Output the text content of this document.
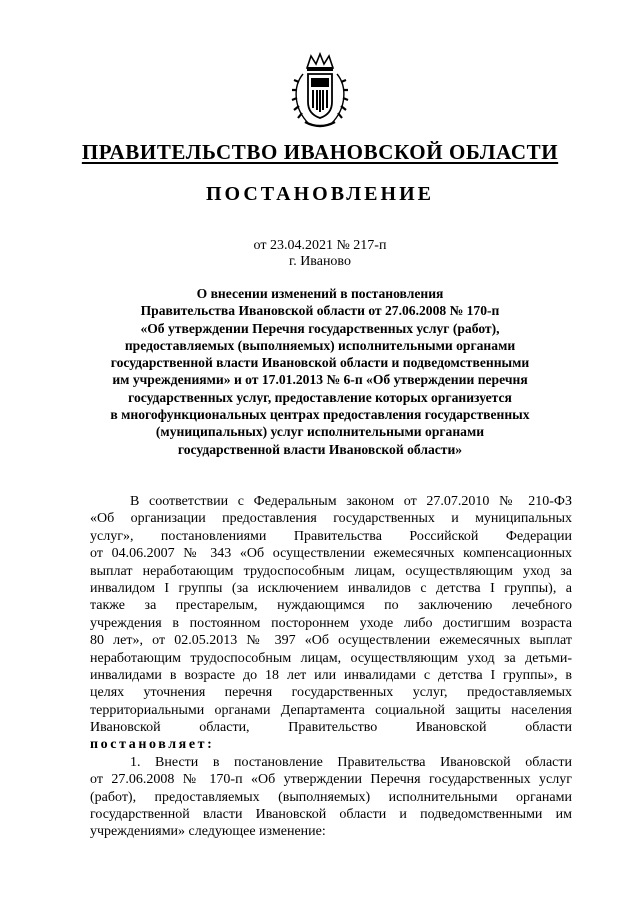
ПРАВИТЕЛЬСТВО ИВАНОВСКОЙ ОБЛАСТИ
ПОСТАНОВЛЕНИЕ
от 23.04.2021 № 217-п
г. Иваново
О внесении изменений в постановления
Правительства Ивановской области от 27.06.2008 № 170-п
«Об утверждении Перечня государственных услуг (работ),
предоставляемых (выполняемых) исполнительными органами
государственной власти Ивановской области и подведомственными
им учреждениями» и от 17.01.2013 № 6-п «Об утверждении перечня
государственных услуг, предоставление которых организуется
в многофункциональных центрах предоставления государственных
(муниципальных) услуг исполнительными органами
государственной власти Ивановской области»
В соответствии с Федеральным законом от 27.07.2010 № 210-ФЗ
«Об организации предоставления государственных и муниципальных
услуг», постановлениями Правительства Российской Федерации
от 04.06.2007 № 343 «Об осуществлении ежемесячных компенсационных
выплат неработающим трудоспособным лицам, осуществляющим уход за
инвалидом I группы (за исключением инвалидов с детства I группы), а
также за престарелым, нуждающимся по заключению лечебного
учреждения в постоянном постороннем уходе либо достигшим возраста
80 лет», от 02.05.2013 № 397 «Об осуществлении ежемесячных выплат
неработающим трудоспособным лицам, осуществляющим уход за детьми-
инвалидами в возрасте до 18 лет или инвалидами с детства I группы», в
целях уточнения перечня государственных услуг, предоставляемых
территориальными органами Департамента социальной защиты населения
Ивановской области, Правительство Ивановской области
постановляет:
1. Внести в постановление Правительства Ивановской области
от 27.06.2008 № 170-п «Об утверждении Перечня государственных услуг
(работ), предоставляемых (выполняемых) исполнительными органами
государственной власти Ивановской области и подведомственными им
учреждениями» следующее изменение:
